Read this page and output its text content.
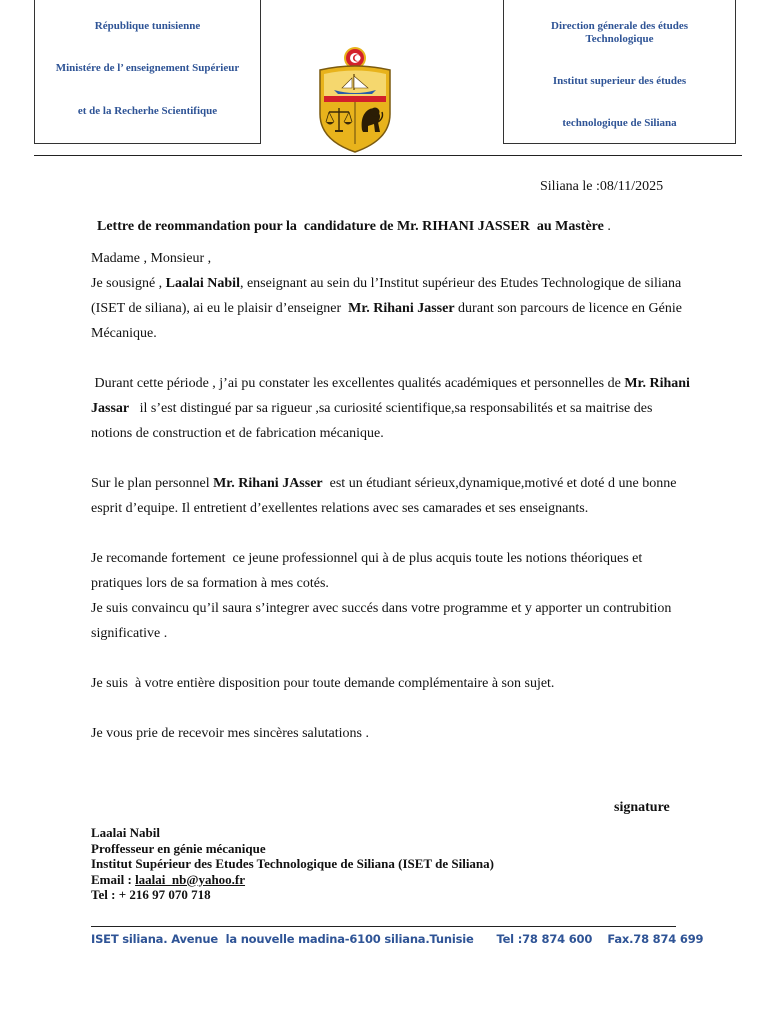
République tunisienne
Ministére de l’ enseignement Supérieur
et de la Recherhe Scientifique
Direction génerale des études Technologique
Institut superieur des études
technologique de Siliana
Siliana le :08/11/2025
Lettre de reommandation pour la  candidature de Mr. RIHANI JASSER  au Mastère .

Madame , Monsieur ,

Je sousigné , Laalai Nabil, enseignant au sein du l’Institut supérieur des Etudes Technologique de siliana (ISET de siliana), ai eu le plaisir d’enseigner  Mr. Rihani Jasser durant son parcours de licence en Génie Mécanique.

Durant cette période , j’ai pu constater les excellentes qualités académiques et personnelles de Mr. Rihani Jassar   il s’est distingué par sa rigueur ,sa curiosité scientifique,sa responsabilités et sa maitrise des notions de construction et de fabrication mécanique.

Sur le plan personnel Mr. Rihani JAsser  est un étudiant sérieux,dynamique,motivé et doté d une bonne esprit d’equipe. Il entretient d’exellentes relations avec ses camarades et ses enseignants.

Je recomande fortement  ce jeune professionnel qui à de plus acquis toute les notions théoriques et pratiques lors de sa formation à mes cotés.

Je suis convaincu qu’il saura s’integrer avec succés dans votre programme et y apporter un contrubition significative .

Je suis  à votre entière disposition pour toute demande complémentaire à son sujet.

Je vous prie de recevoir mes sincères salutations .

signature
Laalai Nabil
Proffesseur en génie mécanique
Institut Supérieur des Etudes Technologique de Siliana (ISET de Siliana)
Email : laalai_nb@yahoo.fr
Tel : + 216 97 070 718
ISET siliana. Avenue  la nouvelle madina-6100 siliana.Tunisie      Tel :78 874 600    Fax.78 874 699
